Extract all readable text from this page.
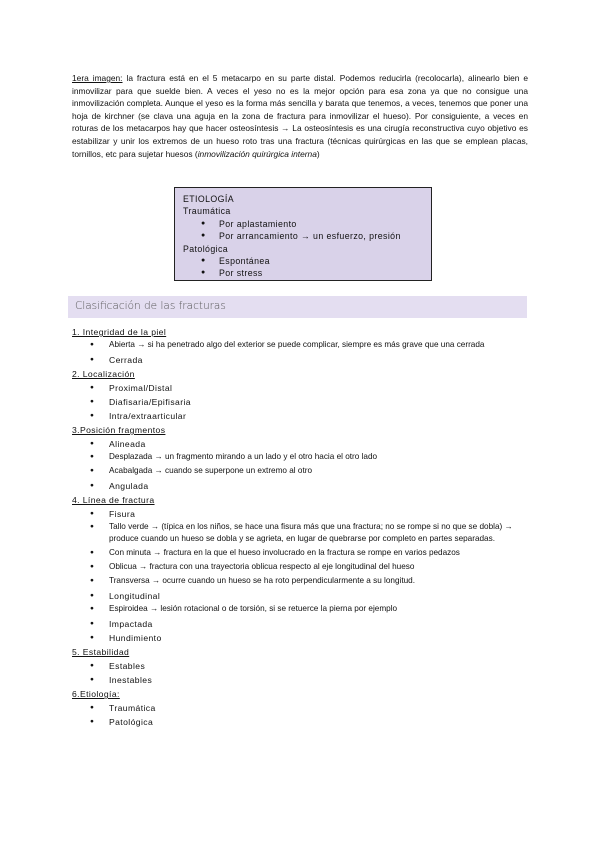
1era imagen: la fractura está en el 5 metacarpo en su parte distal. Podemos reducirla (recolocarla), alinearlo bien e inmovilizar para que suelde bien. A veces el yeso no es la mejor opción para esa zona ya que no consigue una inmovilización completa. Aunque el yeso es la forma más sencilla y barata que tenemos, a veces, tenemos que poner una hoja de kirchner (se clava una aguja en la zona de fractura para inmovilizar el hueso). Por consiguiente, a veces en roturas de los metacarpos hay que hacer osteosíntesis → La osteosíntesis es una cirugía reconstructiva cuyo objetivo es estabilizar y unir los extremos de un hueso roto tras una fractura (técnicas quirúrgicas en las que se emplean placas, tornillos, etc para sujetar huesos (inmovilización quirúrgica interna)
ETIOLOGÍA
Traumática
● Por aplastamiento
● Por arrancamiento → un esfuerzo, presión
Patológica
● Espontánea
● Por stress
Clasificación de las fracturas
1. Integridad de la piel
● Abierta → si ha penetrado algo del exterior se puede complicar, siempre es más grave que una cerrada
● Cerrada
2. Localización
● Proximal/Distal
● Diafisaria/Epifisaria
● Intra/extraarticular
3.Posición fragmentos
● Alineada
● Desplazada → un fragmento mirando a un lado y el otro hacia el otro lado
● Acabalgada → cuando se superpone un extremo al otro
● Angulada
4. Línea de fractura
● Fisura
● Tallo verde → (típica en los niños, se hace una fisura más que una fractura; no se rompe si no que se dobla) → produce cuando un hueso se dobla y se agrieta, en lugar de quebrarse por completo en partes separadas.
● Con minuta → fractura en la que el hueso involucrado en la fractura se rompe en varios pedazos
● Oblicua → fractura con una trayectoria oblicua respecto al eje longitudinal del hueso
● Transversa → ocurre cuando un hueso se ha roto perpendicularmente a su longitud.
● Longitudinal
● Espiroidea → lesión rotacional o de torsión, si se retuerce la pierna por ejemplo
● Impactada
● Hundimiento
5. Estabilidad
● Estables
● Inestables
6.Etiología:
● Traumática
● Patológica
